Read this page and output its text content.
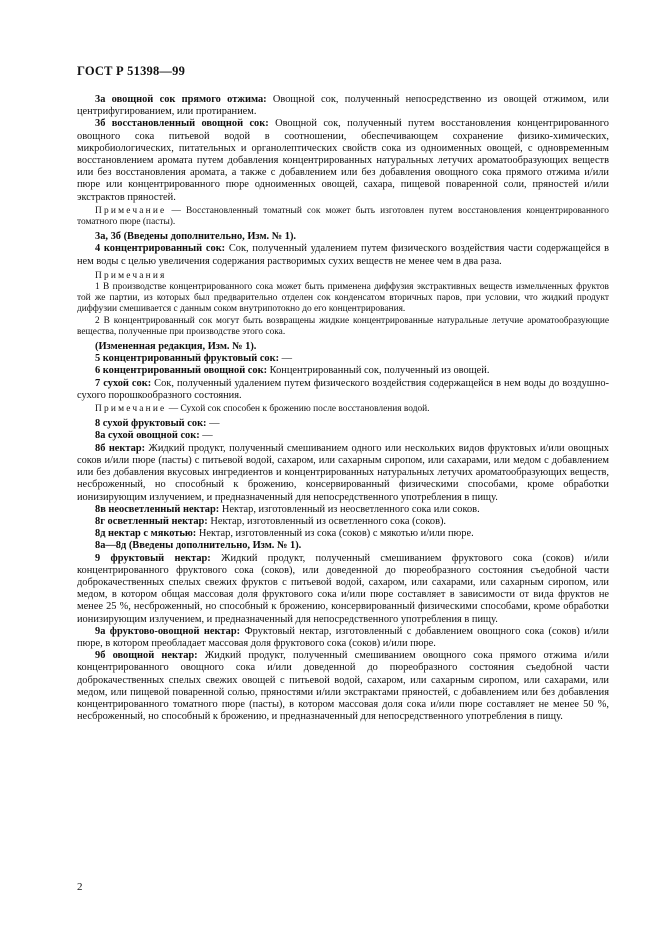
ГОСТ Р 51398—99

3а овощной сок прямого отжима: Овощной сок, полученный непосредственно из овощей отжимом, или центрифугированием, или протиранием.

3б восстановленный овощной сок: Овощной сок, полученный путем восстановления концентрированного овощного сока питьевой водой в соотношении, обеспечивающем сохранение физико-химических, микробиологических, питательных и органолептических свойств сока из одноименных овощей, с одновременным восстановлением аромата путем добавления концентрированных натуральных летучих ароматообразующих веществ или без восстановления аромата, а также с добавлением или без добавления овощного сока прямого отжима и/или пюре или концентрированного пюре одноименных овощей, сахара, пищевой поваренной соли, пряностей и/или экстрактов пряностей.

Примечание — Восстановленный томатный сок может быть изготовлен путем восстановления концентрированного томатного пюре (пасты).

3а, 3б (Введены дополнительно, Изм. № 1).

4 концентрированный сок: Сок, полученный удалением путем физического воздействия части содержащейся в нем воды с целью увеличения содержания растворимых сухих веществ не менее чем в два раза.

Примечания

1 В производстве концентрированного сока может быть применена диффузия экстрактивных веществ измельченных фруктов той же партии, из которых был предварительно отделен сок конденсатом вторичных паров, при условии, что жидкий продукт диффузии смешивается с данным соком внутрипотокно до его концентрирования.

2 В концентрированный сок могут быть возвращены жидкие концентрированные натуральные летучие ароматообразующие вещества, полученные при производстве этого сока.

(Измененная редакция, Изм. № 1).

5 концентрированный фруктовый сок: —

6 концентрированный овощной сок: Концентрированный сок, полученный из овощей.

7 сухой сок: Сок, полученный удалением путем физического воздействия содержащейся в нем воды до воздушно-сухого порошкообразного состояния.

Примечание — Сухой сок способен к брожению после восстановления водой.

8 сухой фруктовый сок: —

8а сухой овощной сок: —

8б нектар: Жидкий продукт, полученный смешиванием одного или нескольких видов фруктовых и/или овощных соков и/или пюре (пасты) с питьевой водой, сахаром, или сахарным сиропом, или сахарами, или медом с добавлением или без добавления вкусовых ингредиентов и концентрированных натуральных летучих ароматообразующих веществ, несброженный, но способный к брожению, консервированный физическими способами, кроме обработки ионизирующим излучением, и предназначенный для непосредственного употребления в пищу.

8в неосветленный нектар: Нектар, изготовленный из неосветленного сока или соков.

8г осветленный нектар: Нектар, изготовленный из осветленного сока (соков).

8д нектар с мякотью: Нектар, изготовленный из сока (соков) с мякотью и/или пюре.

8а—8д (Введены дополнительно, Изм. № 1).

9 фруктовый нектар: Жидкий продукт, полученный смешиванием фруктового сока (соков) и/или концентрированного фруктового сока (соков), или доведенной до пюреобразного состояния съедобной части доброкачественных спелых свежих фруктов с питьевой водой, сахаром, или сахарами, или сахарным сиропом, или медом, в котором общая массовая доля фруктового сока и/или пюре составляет в зависимости от вида фруктов не менее 25 %, несброженный, но способный к брожению, консервированный физическими способами, кроме обработки ионизирующим излучением, и предназначенный для непосредственного употребления в пищу.

9а фруктово-овощной нектар: Фруктовый нектар, изготовленный с добавлением овощного сока (соков) и/или пюре, в котором преобладает массовая доля фруктового сока (соков) и/или пюре.

9б овощной нектар: Жидкий продукт, полученный смешиванием овощного сока прямого отжима и/или концентрированного овощного сока и/или доведенной до пюреобразного состояния съедобной части доброкачественных спелых свежих овощей с питьевой водой, сахаром, или сахарным сиропом, или сахарами, или медом, или пищевой поваренной солью, пряностями и/или экстрактами пряностей, с добавлением или без добавления концентрированного томатного пюре (пасты), в котором массовая доля сока и/или пюре составляет не менее 50 %, несброженный, но способный к брожению, и предназначенный для непосредственного употребления в пищу.

2
